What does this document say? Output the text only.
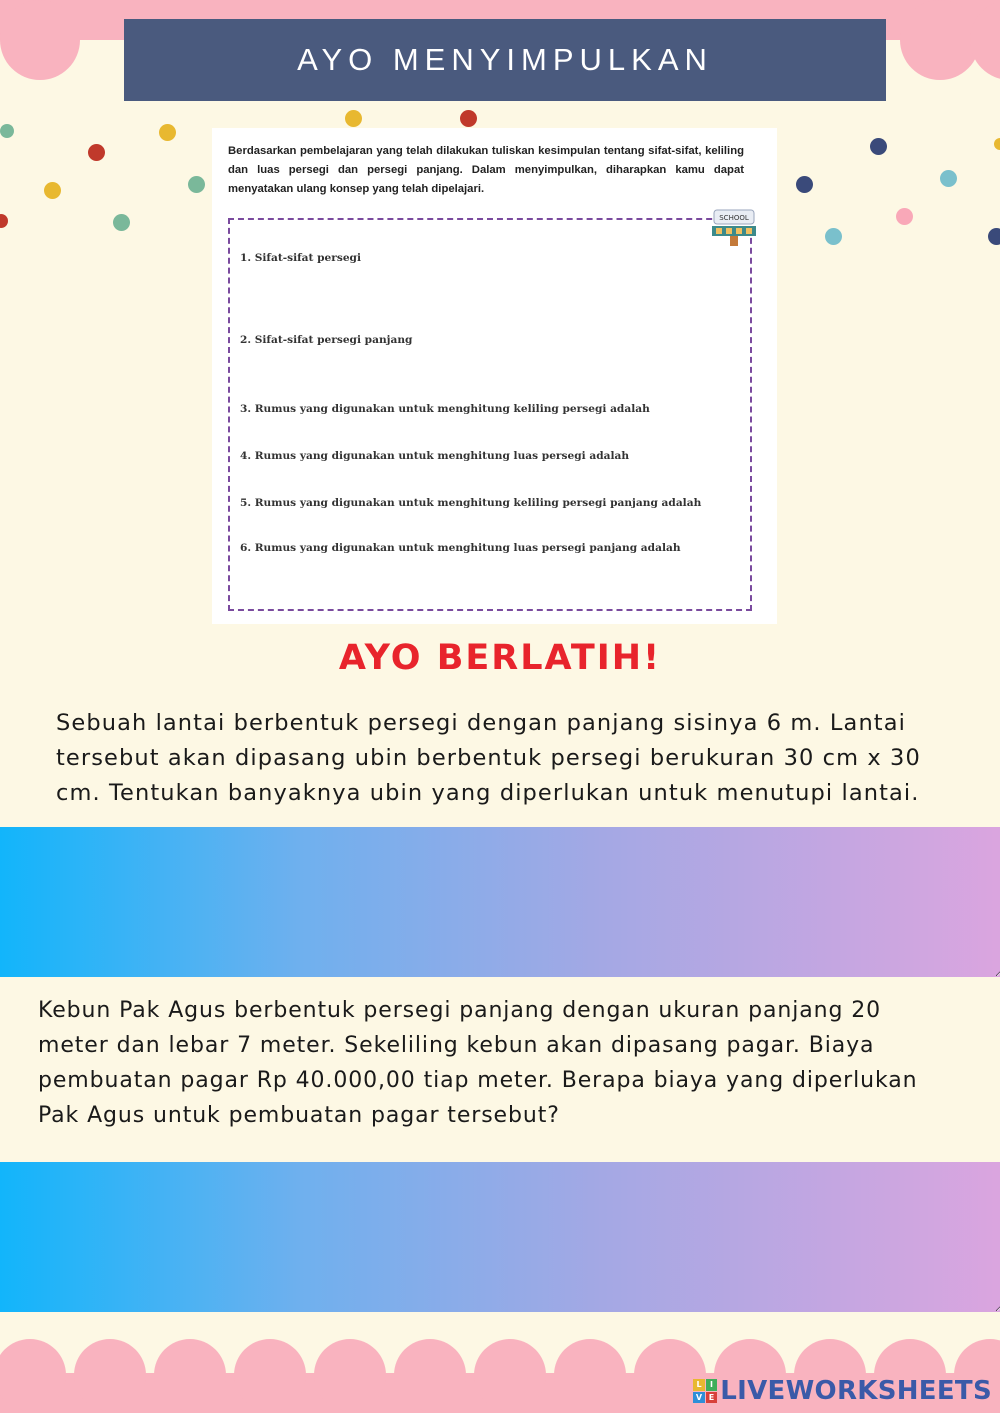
AYO MENYIMPULKAN
Berdasarkan pembelajaran yang telah dilakukan tuliskan kesimpulan tentang sifat-sifat, keliling dan luas persegi dan persegi panjang. Dalam menyimpulkan, diharapkan kamu dapat menyatakan ulang konsep yang telah dipelajari.
SCHOOL
1. Sifat-sifat persegi
2. Sifat-sifat persegi panjang
3. Rumus yang digunakan untuk menghitung keliling persegi adalah
4. Rumus yang digunakan untuk menghitung luas persegi adalah
5. Rumus yang digunakan untuk menghitung keliling persegi panjang adalah
6. Rumus yang digunakan untuk menghitung luas persegi panjang adalah
AYO BERLATIH!
Sebuah lantai berbentuk persegi dengan panjang sisinya 6 m. Lantai tersebut akan dipasang ubin berbentuk persegi berukuran 30 cm x 30 cm. Tentukan banyaknya ubin yang diperlukan untuk menutupi lantai.
Kebun Pak Agus berbentuk persegi panjang dengan ukuran panjang 20 meter dan lebar 7 meter. Sekeliling kebun akan dipasang pagar. Biaya pembuatan pagar Rp 40.000,00 tiap meter. Berapa biaya yang diperlukan Pak Agus untuk pembuatan pagar tersebut?
L	I
V E LIVEWORKSHEETS
